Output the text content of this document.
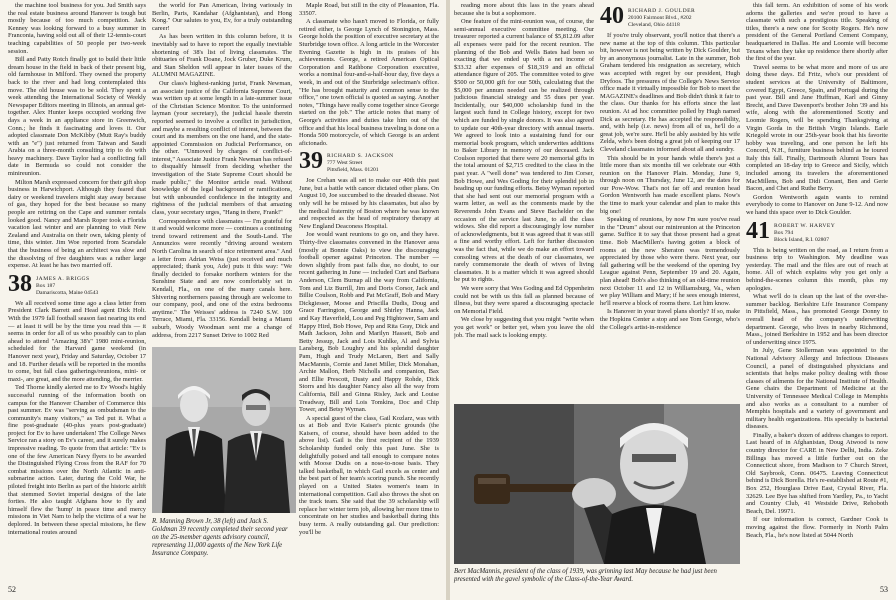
the machine tool business for you. Jud Smith says the real estate business around Hanover is tough but mostly because of too much competition. Jack Kenney was looking forward to a busy summer in Franconia, having sold out all of their 12-tennis-court teaching capabilities of 50 people per two-week session.

Bill and Patty Rotch finally got to build their little dream house in the field in back of their present big, old farmhouse in Milford. They owned the property back to the river and had long contemplated this move. The old house was to be sold. They spent a week attending the International Society of Weekly Newspaper Editors meeting in Illinois, an annual get-together. Alex Hunter keeps occupied working five days a week in an appliance store in Greenwich, Conn.; he finds it fascinating and loves it. Our adopted classmate Don McKibby (Mutt Ray's buddy with an "e") just returned from Taiwan and Saudi Arabia on a three-month consulting trip to do with heavy machinery. Dave Taylor had a conflicting fall date in Bermuda so could not consider the minireunion.

Milton Marsh expressed concern for their gift shop business in Harwichport. Although they feared that dairy or weekend travelers might stay away because of gas, they hoped for the best because so many people are retiring on the Cape and summer rentals looked good. Nancy and Marsh Roper took a Florida vacation last winter and are planning to visit New Zealand and Australia on their own, taking plenty of time, this winter. Jim Woe reported from Scarsdale that the business of being an architect was slow and the dissolving of five daughters was a rather large expense. At least he has two married off.

38 JAMES A. BRIGGS
Box 187
Damariscotta, Maine 04543

We all received some time ago a class letter from President Clark Barrett and Head agent Dick Holt. With the 1979 fall football season fast nearing its end — at least it will be by the time you read this — it seems in order for all of us who possibly can to plan ahead to attend "Amazing 38's" 1980 mini-reunion, scheduled for the Harvard game weekend (in Hanover next year), Friday and Saturday, October 17 and 18. Further details will be reported in the months to come, but fall class gatherings/reunions, mini- or maxi-, are great, and the more attending, the merrier.

Ted Thorne kindly alerted me to Ev Wood's highly successful running of the information booth on campus for the Hanover Chamber of Commerce this past summer. Ev was "serving as ombudsman to the community's many visitors," as Ted put it. What a fine post-graduate (40-plus years post-graduate) project for Ev to have undertaken! The College News Service ran a story on Ev's career, and it surely makes impressive reading. To quote from that article: "Ev is one of the few American Navy flyers to be awarded the Distinguished Flying Cross from the RAF for 70 combat missions over the North Atlantic in anti-submarine action. Later, during the Cold War, he piloted freight into Berlin as part of the historic airlift that stemmed Soviet imperial designs of the late forties. He also taught Afghans how to fly and himself flew the 'hump' in peace time and mercy missions in Viet Nam to help the victims of a war he deplored. In between these special missions, he flew international routes around

the world for Pan American, living variously in Berlin, Paris, Kandahar (Afghanistan), and Hong Kong." Our salutes to you, Ev, for a truly outstanding career!

As has been written in this column before, it is inevitably sad to have to report the equally inevitable shortening of 38's list of living classmates. The obituaries of Frank Doane, Jock Gruber, Duke Krum, and Stan Sheldon will appear in later issues of the ALUMNI MAGAZINE.

Our class's highest-ranking jurist, Frank Newman, an associate justice of the California Supreme Court, was written up at some length in a late-summer issue of the Christian Science Monitor. To the uninformed layman (your secretary), the judicial hassle therein reported seemed to involve a conflict in jurisdiction, and maybe a resulting conflict of interest, between the court and its members on the one hand, and the state-appointed Commission on Judicial Performance, on the other. "Unmoved by charges of conflict-of-interest," Associate Justice Frank Newman has refused to disqualify himself from deciding whether the investigation of the State Supreme Court should be made public," the Monitor article read. Without knowledge of the legal background or ramifications, but with unbounded confidence in the integrity and rightness of the judicial members of that amazing class, your secretary urges, "Hang in there, Frank!"

Correspondence with classmates — I'm grateful for it and would welcome more — continues a continuing trend toward retirement and the South-Land. The Annunzios were recently "driving around western North Carolina in search of nice retirement area." And a letter from Adrian Weiss (just received and much appreciated; thank you, Ade) puts it this way: "We finally decided to forsake northern winters for the Sunshine State and are now comfortably set in Kendall, Fla., on one of the many canals here. Shivering northerners passing through are welcome to our company, pool, and one of the extra bedrooms anytime." The Weisses' address is 7240 S.W. 109 Terrace, Miami, Fla. 33156. Kendall being a Miami suburb, Woody Woodman sent me a change of address, from 2217 Sunset Drive to 1002 Red

R. Manning Brown Jr, 38 (left) and Jack S. Goldman 39 recently completed their second year on the 25-member agents advisory council, representing 11,000 agents of the New York Life Insurance Company.

Maple Road, but still in the city of Pleasanton, Fla. 33507.

A classmate who hasn't moved to Florida, or fully retired either, is George Lynch of Stonington, Mass. George holds the position of executive secretary at the Sturbridge town office. A long article in the Worcester Evening Gazette is high in its praises of his achievements. George, a retired American Optical Corporation and Rathbone Corporation executive, works a nominal four-and-a-half-hour day, five days a week, in and out of the Sturbridge selectman's office. "He has brought maturity and common sense to the office," one town official is quoted as saying. Another notes, "Things have really come together since George started on the job." The article notes that many of George's activities and duties take him out of the office and that his local business traveling is done on a Honda 500 motorcycle, of which George is an ardent aficionado.

39 RICHARD S. JACKSON
777 West Street
Pittsfield, Mass. 01201

Joe Crehan was all set to make our 40th this past June, but a battle with cancer dictated other plans. On August 10, Joe succumbed to the dreaded disease. Not only will he be missed by his classmates, but also by the medical fraternity of Boston where he was known and respected as the head of respiratory therapy at New England Deaconess Hospital.

Joe would want reunions to go on, and they have. Thirty-five classmates convened in the Hanover area (mostly at Bonnie Oaks) to view the discouraging football opener against Princeton. The number — down slightly from past falls due, no doubt, to our recent gathering in June — included Curt and Barbara Anderson, Clem Burnap all the way from California, Tom and Liz Burrill, Jim and Doris Corsor, Jack and Billie Coulson, Robb and Pat McGraff, Bob and Mary Dickgiesser, Moose and Priscilla Dudis, Doug and Grace Farrington, George and Shirley Hanna, Jack and Kay Haverfield, Lou and Peg Hightower, Sam and Happy Hird, Bob Howe, Pep and Rita Gray, Dick and Math Jackson, John and Marilyn Hassett, Bob and Betty Jessup, Jack and Lois Kuhlke, Al and Sylvia Lansberg, Bob Loughry and his splendid daughter Pam, Hugh and Trudy McLaren, Bert and Sally MacMannis, Cornie and Janet Miller, Dick Monahan, Archie Mallon, Herb Nicholls and companion, Bax and Ellie Prescott, Dusty and Happy Rohde, Dick Storrs and his daughter Nancy also all the way from California, Bill and Ginna Risley, Jack and Louise Treadway, Bill and Lois Tomkins, Doc and Chip Tower, and Betsy Wyman.

A special guest of the class, Gail Kozlarz, was with us at Bob and Evie Kaiser's picnic grounds (the Kaisers, of course, should have been added to the above list). Gail is the first recipient of the 1939 Scholarship funded only this past June. She is delightfully poised and tall enough to compare notes with Moose Dudis on a nose-to-nose basis. They talked basketball, in which Gail excels as center and the best part of her team's scoring punch. She recently played on a United States women's team in international competition. Gail also throws the shot on the track team. She said that the 39 scholarship will replace her winter term job, allowing her more time to concentrate on her studies and basketball during this busy term. A really outstanding gal. Our prediction: you'll be

52

reading more about this lass in the years ahead because she is but a sophomore.

One feature of the mini-reunion was, of course, the semi-annual executive committee meeting. Our treasurer reported a current balance of $5,812.09 after all expenses were paid for the recent reunion. The planning of the Bob and Wells Bates had been so exacting that we ended up with a net income of $33.32 after expenses of $18,319 and an official attendance figure of 205. The committee voted to give $500 or 50,000 gift for our 50th, calculating that the $5,000 per annum needed can be realized through judicious financial strategy and 55 dues per year. Incidentally, our $40,000 scholarship fund in the largest such fund in College history, except for two which are funded by single donors. It was also agreed to update our 40th-year directory with annual inserts. We agreed to look into a sustaining fund for our memorial book program, which underwrites additions to Baker Library in memory of our deceased. Jack Coulson reported that there were 20 memorial gifts in the total amount of $2,715 credited to the class in the past year. A "well done" was tendered to Jim Corser, Bob Howe, and Wes Goding for their splendid job in heading up our funding efforts. Betsy Wyman reported that she had sent out our memorial program with a warm letter, as well as the comments made by the Reverends John Evans and Steve Bachelder on the occasion of the service last June, to all the class widows. She did report a discouragingly low number of acknowledgments, but it was agreed that it was still a fine and worthy effort. Left for further discussion was the fact that, while we do make an effort toward consoling wives at the death of our classmates, we rarely commemorate the death of wives of living classmates. It is a matter which it was agreed should be put to rights.

We were sorry that Wes Goding and Ed Oppenheim could not be with us this fall as planned because of illness, but they were spared a discouraging spectacle on Memorial Field.

We close by suggesting that you might "write when you get work" or better yet, when you leave the old job. The mail sack is looking empty.

40 RICHARD J. GOULDER
20100 Fairmont Blvd., #202
Cleveland, Ohio 44118

If you're truly observant, you'll notice that there's a new name at the top of this column. This particular bit, however is not being written by Dick Goulder, but by an anonymous journalist. Late in the summer, Bob Graham tendered his resignation as secretary, which was accepted with regret by our president, Hugh Dryfoos. The pressures of the College's News Service office made it virtually impossible for Bob to meet the MAGAZINE's deadlines and Bob didn't think it fair to the class. Our thanks for his efforts since the last reunion. At ad hoc committee polled by Hugh named Dick as secretary. He has accepted the responsibility, and, with help (i.e. news) from all of us, he'll do a great job, we're sure. He'll be ably assisted by his wife Zelda, who's been doing a great job of keeping our 17 Cleveland classmates informed about all and sundry.

This should be in your hands while there's just a little more than six months till we celebrate our 40th reunion on the Hanover Plain. Monday, June 9, through noon on Thursday, June 12, are the dates for our Pow-Wow. That's not far off and reunion head Gordon Wentworth has made excellent plans. Now's the time to mark your calendar and plan to make this big one!

Speaking of reunions, by now I'm sure you've read in the "Drum" about our minireunion at the Princeton game. Suffice it to say that those present had a great time. Bob MacMillen's having gotten a block of rooms at the new Sheraton was tremendously appreciated by those who were there. Next year, our fall gathering will be the weekend of the opening Ivy League against Penn, September 19 and 20. Again, plan ahead! Bob's also thinking of an old-time reunion next October 11 and 12 in Williamsburg, Va., when we play William and Mary; if he sees enough interest, he'll reserve a block of rooms there. Let him know.

Is Hanover in your travel plans shortly? If so, make the Hopkins Center a stop and see Tom George, who's the College's artist-in-residence

this fall term. An exhibition of some of his work adorns the galleries and we're proud to have a classmate with such a prestigious title. Speaking of titles, there's a new one for Scotty Rogers. He's now president of the General Portland Cement Company, headquartered in Dallas. He and Loomie will become Texans when they take up residence there shortly after the first of the year.

Travel seems to be what more and more of us are doing these days. Ed Fritz, who's our president of student services at the University of Baltimore, covered Egypt, Greece, Spain, and Portugal during the past year. Bill and Jane Huffman, Karl and Ginny Brecht, and Dave Davenport's brother John '39 and his wife, along with the aforementioned Scotty and Loomie Rogers, will be spending Thanksgiving at Virgin Gorda in the British Virgin Islands. Earle Kriegold wrote in our 25th-year book that his favorite hobby was traveling, and one person he left his Concord, N.H., furniture business behind as he toured Italy this fall. Finally, Dartmouth Alumni Tours has completed an 18-day trip to Greece and Sicily, which included among its travelers the aforementioned MacMillens, Bob and Didi Conant, Ben and Gerie Bacon, and Chet and Ruthe Berry.

Gordon Wentworth again wants to remind everybody to come to Hanover on June 9-12. And now we hand this space over to Dick Goulder.

41 ROBERT W. HARVEY
Box 794
Block Island, R.I. 02807

This is being written on the road, as I return from a business trip to Washington. My deadline was yesterday. The mail and the files are out of reach at home. All of which explains why you get only a behind-the-scenes column this month, plus my apologies.

What we'll do is clean up the last of the over-the-summer backlog. Berkshire Life Insurance Company in Pittsfield, Mass., has promoted George Donny to overall head of the company's underwriting department. George, who lives in nearby Richmond, Mass., joined Berkshire in 1952 and has been director of underwriting since 1975.

In July, Gene Stollerman was appointed to the National Advisory Allergy and Infectious Diseases Council, a panel of distinguished physicians and scientists that helps make policy dealing with those classes of ailments for the National Institute of Health. Gene chairs the Department of Medicine at the University of Tennessee Medical College in Memphis and also works as a consultant to a number of Memphis hospitals and a variety of government and military health organizations. His specialty is bacterial diseases.

Finally, a baker's dozen of address changes to report. Last heard of in Afghanistan, Doug Atwood is now country director for CARE in New Delhi, India. Zeke Billings has moved a little further out on the Connecticut shore, from Madison to 7 Church Street, Old Saybrook, Conn. 06475. Leaving Connecticut behind is Dick Borella. He's re-established at Route #1, Box 252, Hourglass Drive East, Crystal River, Fla. 32629. Lee Bye has shifted from Yardley, Pa., to Yacht and Country Club, 41 Westside Drive, Rehoboth Beach, Del. 19971.

If our information is correct, Gardner Cook is moving against the flow. Formerly in North Palm Beach, Fla., he's now listed at 5044 North

Bert MacMannis, president of the class of 1939, was grinning last May because he had just been presented with the gavel symbolic of the Class-of-the-Year Award.
53
